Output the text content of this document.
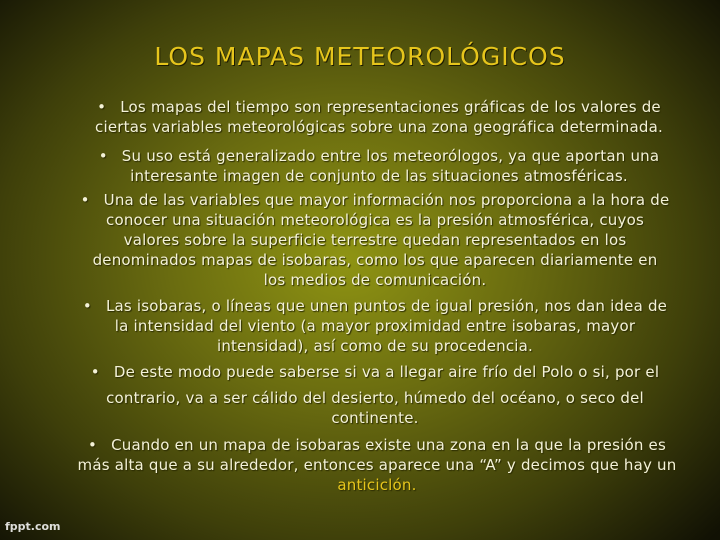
LOS MAPAS METEOROLÓGICOS
• Los mapas del tiempo son representaciones gráficas de los valores de
ciertas variables meteorológicas sobre una zona geográfica determinada.
• Su uso está generalizado entre los meteorólogos, ya que aportan una
interesante imagen de conjunto de las situaciones atmosféricas.
• Una de las variables que mayor información nos proporciona a la hora de
conocer una situación meteorológica es la presión atmosférica, cuyos valores sobre la superficie terrestre quedan representados en los denominados mapas de isobaras, como los que aparecen diariamente en los medios de comunicación.
• Las isobaras, o líneas que unen puntos de igual presión, nos dan idea de
la intensidad del viento (a mayor proximidad entre isobaras, mayor intensidad), así como de su procedencia.
• De este modo puede saberse si va a llegar aire frío del Polo o si, por el
contrario, va a ser cálido del desierto, húmedo del océano, o seco del continente.
• Cuando en un mapa de isobaras existe una zona en la que la presión es
más alta que a su alrededor, entonces aparece una “A” y decimos que hay un anticiclón.
fppt.com
